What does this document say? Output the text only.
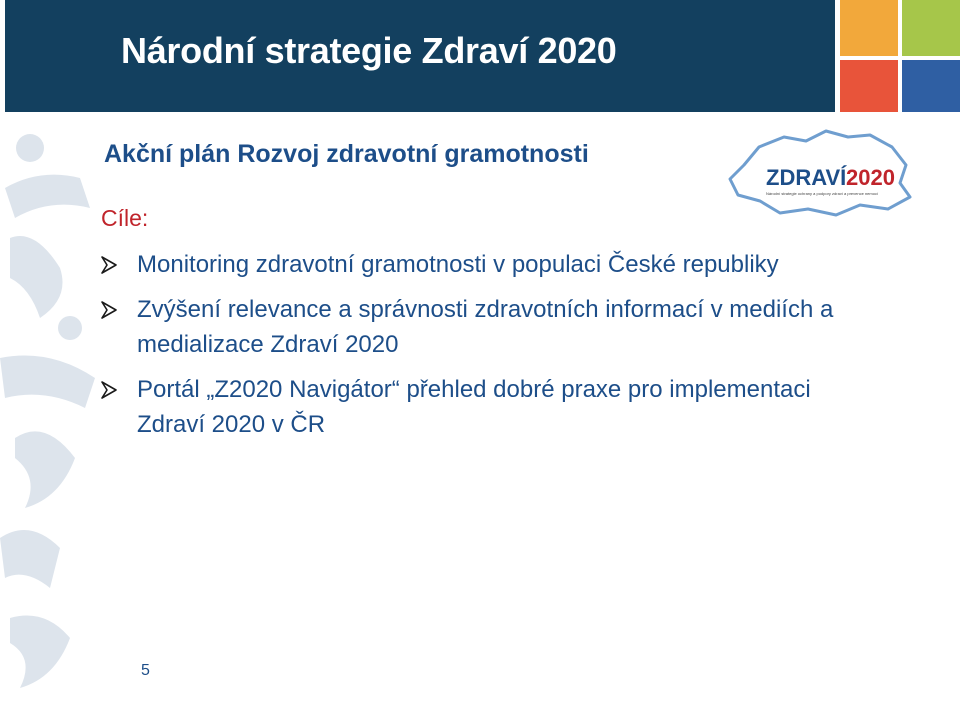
Národní strategie Zdraví 2020
Akční plán Rozvoj zdravotní gramotnosti
Cíle:
Monitoring zdravotní gramotnosti v populaci České republiky
Zvýšení relevance a správnosti zdravotních informací v mediích a medializace Zdraví 2020
Portál „Z2020 Navigátor“ přehled dobré praxe pro implementaci Zdraví 2020 v ČR
ZDRAVÍ 2020
Národní strategie ochrany a podpory zdraví a prevence nemocí
5
